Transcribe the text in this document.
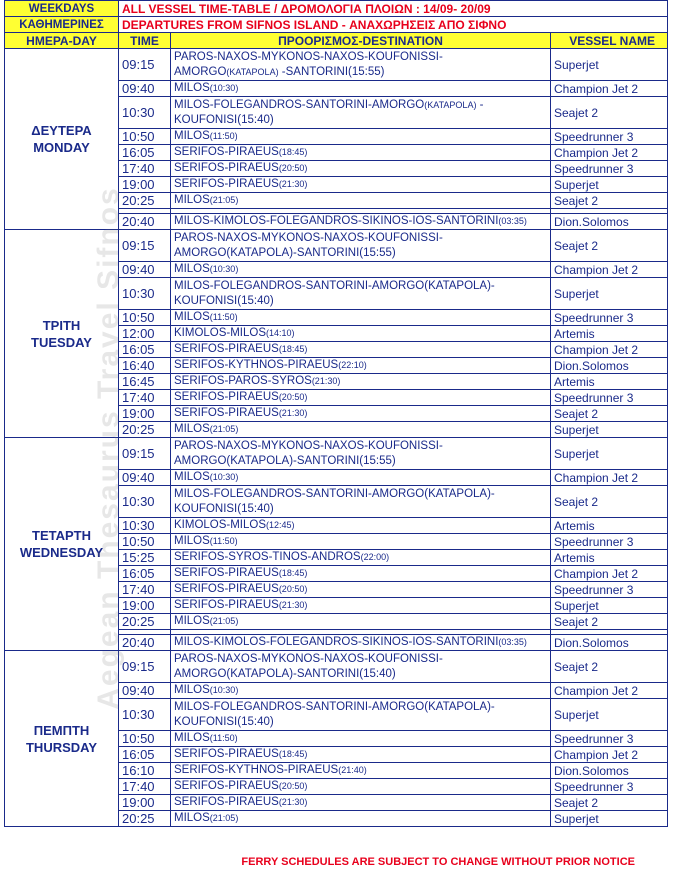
WEEKDAYS	ALL VESSEL TIME-TABLE / ΔΡΟΜΟΛΟΓΙΑ ΠΛΟΙΩΝ : 14/09- 20/09		
ΚΑΘΗΜΕΡΙΝΕΣ	DEPARTURES FROM SIFNOS ISLAND - ΑΝΑΧΩΡΗΣΕΙΣ ΑΠΟ ΣΙΦΝΟ		
ΗΜΕΡΑ-DAY	TIME	ΠΡΟΟΡΙΣΜΟΣ-DESTINATION	VESSEL NAME
ΔΕΥΤΕΡΑ
MONDAY	09:15	PAROS-NAXOS-MYKONOS-NAXOS-KOUFONISSI-
AMORGO(KATAPOLA) -SANTORINI(15:55)	Superjet
	09:40	MILOS(10:30)	Champion Jet 2
	10:30	MILOS-FOLEGANDROS-SANTORINI-AMORGO(KATAPOLA) -
KOUFONISI(15:40)	Seajet 2
	10:50	MILOS(11:50)	Speedrunner 3
	16:05	SERIFOS-PIRAEUS(18:45)	Champion Jet 2
	17:40	SERIFOS-PIRAEUS(20:50)	Speedrunner 3
	19:00	SERIFOS-PIRAEUS(21:30)	Superjet
	20:25	MILOS(21:05)	Seajet 2

	20:40	MILOS-KIMOLOS-FOLEGANDROS-SIKINOS-IOS-SANTORINI(03:35)	Dion.Solomos
ΤΡΙΤΗ
TUESDAY	09:15	PAROS-NAXOS-MYKONOS-NAXOS-KOUFONISSI-
AMORGO(KATAPOLA)-SANTORINI(15:55)	Seajet 2
	09:40	MILOS(10:30)	Champion Jet 2
	10:30	MILOS-FOLEGANDROS-SANTORINI-AMORGO(KATAPOLA)-
KOUFONISI(15:40)	Superjet
	10:50	MILOS(11:50)	Speedrunner 3
	12:00	KIMOLOS-MILOS(14:10)	Artemis
	16:05	SERIFOS-PIRAEUS(18:45)	Champion Jet 2
	16:40	SERIFOS-KYTHNOS-PIRAEUS(22:10)	Dion.Solomos
	16:45	SERIFOS-PAROS-SYROS(21:30)	Artemis
	17:40	SERIFOS-PIRAEUS(20:50)	Speedrunner 3
	19:00	SERIFOS-PIRAEUS(21:30)	Seajet 2
	20:25	MILOS(21:05)	Superjet
ΤΕΤΑΡΤΗ
WEDNESDAY	09:15	PAROS-NAXOS-MYKONOS-NAXOS-KOUFONISSI-
AMORGO(KATAPOLA)-SANTORINI(15:55)	Superjet
	09:40	MILOS(10:30)	Champion Jet 2
	10:30	MILOS-FOLEGANDROS-SANTORINI-AMORGO(KATAPOLA)-
KOUFONISI(15:40)	Seajet 2
	10:30	KIMOLOS-MILOS(12:45)	Artemis
	10:50	MILOS(11:50)	Speedrunner 3
	15:25	SERIFOS-SYROS-TINOS-ANDROS(22:00)	Artemis
	16:05	SERIFOS-PIRAEUS(18:45)	Champion Jet 2
	17:40	SERIFOS-PIRAEUS(20:50)	Speedrunner 3
	19:00	SERIFOS-PIRAEUS(21:30)	Superjet
	20:25	MILOS(21:05)	Seajet 2

	20:40	MILOS-KIMOLOS-FOLEGANDROS-SIKINOS-IOS-SANTORINI(03:35)	Dion.Solomos
ΠΕΜΠΤΗ
THURSDAY	09:15	PAROS-NAXOS-MYKONOS-NAXOS-KOUFONISSI-
AMORGO(KATAPOLA)-SANTORINI(15:40)	Seajet 2
	09:40	MILOS(10:30)	Champion Jet 2
	10:30	MILOS-FOLEGANDROS-SANTORINI-AMORGO(KATAPOLA)-
KOUFONISI(15:40)	Superjet
	10:50	MILOS(11:50)	Speedrunner 3
	16:05	SERIFOS-PIRAEUS(18:45)	Champion Jet 2
	16:10	SERIFOS-KYTHNOS-PIRAEUS(21:40)	Dion.Solomos
	17:40	SERIFOS-PIRAEUS(20:50)	Speedrunner 3
	19:00	SERIFOS-PIRAEUS(21:30)	Seajet 2
	20:25	MILOS(21:05)	Superjet
Aegean Thesaurus Travel Sifnos
FERRY SCHEDULES ARE SUBJECT TO CHANGE WITHOUT PRIOR NOTICE
